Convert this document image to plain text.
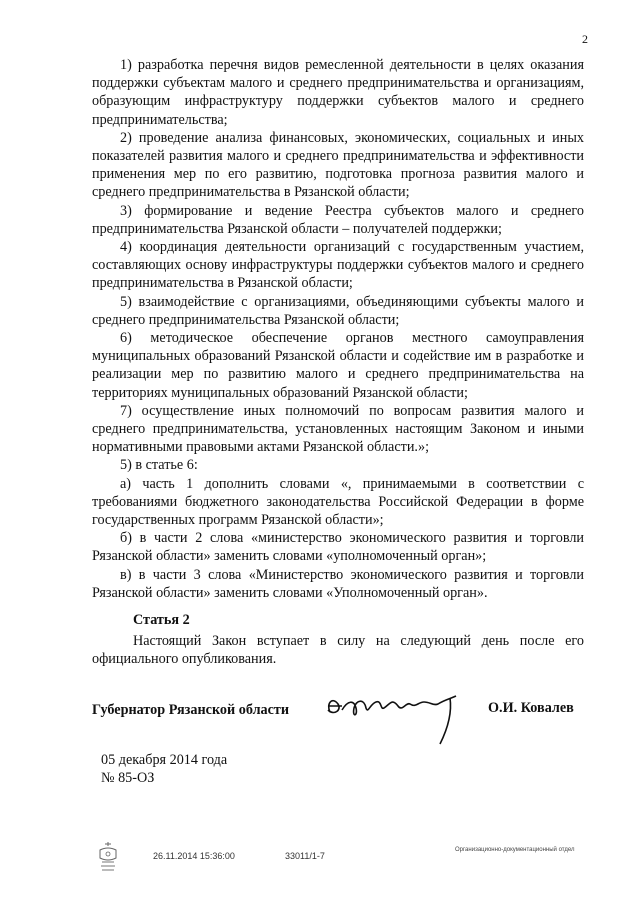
2

1) разработка перечня видов ремесленной деятельности в целях оказания поддержки субъектам малого и среднего предпринимательства и организациям, образующим инфраструктуру поддержки субъектов малого и среднего предпринимательства;

2) проведение анализа финансовых, экономических, социальных и иных показателей развития малого и среднего предпринимательства и эффективности применения мер по его развитию, подготовка прогноза развития малого и среднего предпринимательства в Рязанской области;

3) формирование и ведение Реестра субъектов малого и среднего предпринимательства Рязанской области – получателей поддержки;

4) координация деятельности организаций с государственным участием, составляющих основу инфраструктуры поддержки субъектов малого и среднего предпринимательства в Рязанской области;

5) взаимодействие с организациями, объединяющими субъекты малого и среднего предпринимательства Рязанской области;

6) методическое обеспечение органов местного самоуправления муниципальных образований Рязанской области и содействие им в разработке и реализации мер по развитию малого и среднего предпринимательства на территориях муниципальных образований Рязанской области;

7) осуществление иных полномочий по вопросам развития малого и среднего предпринимательства, установленных настоящим Законом и иными нормативными правовыми актами Рязанской области.»;

5) в статье 6:

а) часть 1 дополнить словами «, принимаемыми в соответствии с требованиями бюджетного законодательства Российской Федерации в форме государственных программ Рязанской области»;

б) в части 2 слова «министерство экономического развития и торговли Рязанской области» заменить словами «уполномоченный орган»;

в) в части 3 слова «Министерство экономического развития и торговли Рязанской области» заменить словами «Уполномоченный орган».

Статья 2

Настоящий Закон вступает в силу на следующий день после его официального опубликования.

Губернатор Рязанской области	О.И. Ковалев
05 декабря 2014 года
№ 85-ОЗ
26.11.2014 15:36:00	33011/1-7
Организационно-документационный отдел
